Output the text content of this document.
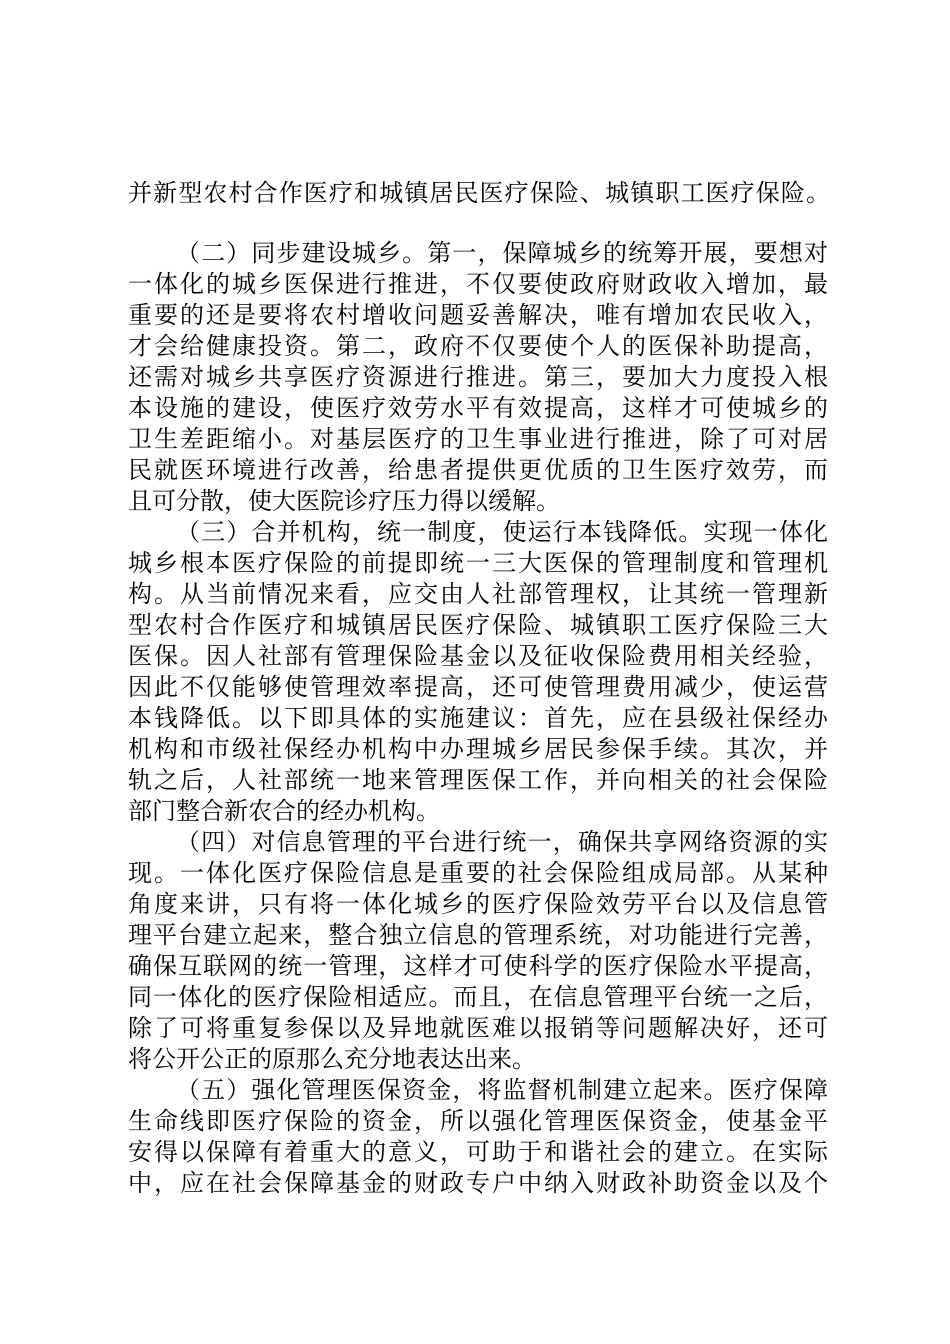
并新型农村合作医疗和城镇居民医疗保险、城镇职工医疗保险。
（二）同步建设城乡。第一，保障城乡的统筹开展，要想对
一体化的城乡医保进行推进，不仅要使政府财政收入增加，最
重要的还是要将农村增收问题妥善解决，唯有增加农民收入，
才会给健康投资。第二，政府不仅要使个人的医保补助提高，
还需对城乡共享医疗资源进行推进。第三，要加大力度投入根
本设施的建设，使医疗效劳水平有效提高，这样才可使城乡的
卫生差距缩小。对基层医疗的卫生事业进行推进，除了可对居
民就医环境进行改善，给患者提供更优质的卫生医疗效劳，而
且可分散，使大医院诊疗压力得以缓解。
（三）合并机构，统一制度，使运行本钱降低。实现一体化
城乡根本医疗保险的前提即统一三大医保的管理制度和管理机
构。从当前情况来看，应交由人社部管理权，让其统一管理新
型农村合作医疗和城镇居民医疗保险、城镇职工医疗保险三大
医保。因人社部有管理保险基金以及征收保险费用相关经验，
因此不仅能够使管理效率提高，还可使管理费用减少，使运营
本钱降低。以下即具体的实施建议：首先，应在县级社保经办
机构和市级社保经办机构中办理城乡居民参保手续。其次，并
轨之后，人社部统一地来管理医保工作，并向相关的社会保险
部门整合新农合的经办机构。
（四）对信息管理的平台进行统一，确保共享网络资源的实
现。一体化医疗保险信息是重要的社会保险组成局部。从某种
角度来讲，只有将一体化城乡的医疗保险效劳平台以及信息管
理平台建立起来，整合独立信息的管理系统，对功能进行完善，
确保互联网的统一管理，这样才可使科学的医疗保险水平提高，
同一体化的医疗保险相适应。而且，在信息管理平台统一之后，
除了可将重复参保以及异地就医难以报销等问题解决好，还可
将公开公正的原那么充分地表达出来。
（五）强化管理医保资金，将监督机制建立起来。医疗保障
生命线即医疗保险的资金，所以强化管理医保资金，使基金平
安得以保障有着重大的意义，可助于和谐社会的建立。在实际
中，应在社会保障基金的财政专户中纳入财政补助资金以及个
